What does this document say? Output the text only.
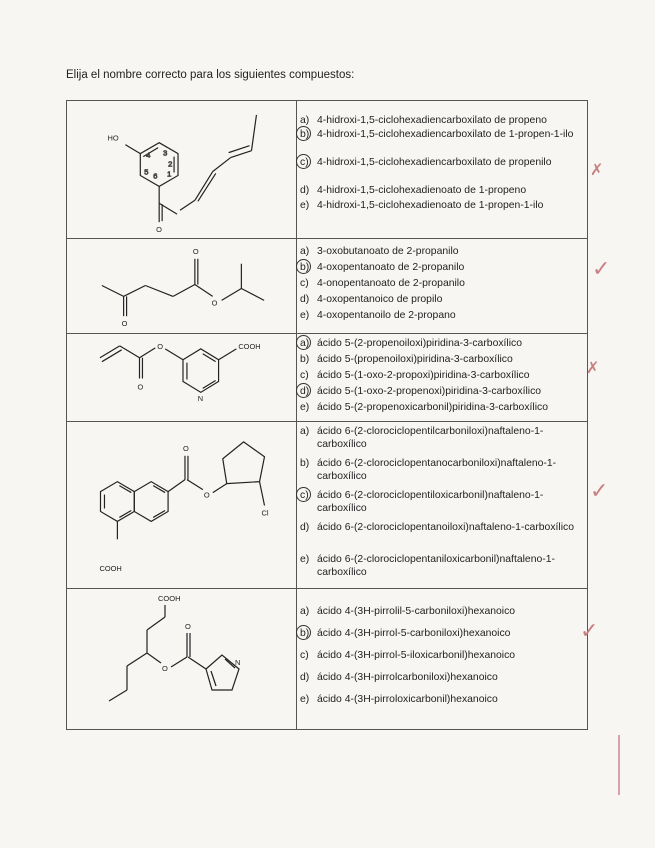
Elija el nombre correcto para los siguientes compuestos:
HO
O
4 3
2
5 6 1
a) 4-hidroxi-1,5-ciclohexadiencarboxilato de propeno
b) 4-hidroxi-1,5-ciclohexadiencarboxilato de 1-propen-1-ilo
c) 4-hidroxi-1,5-ciclohexadiencarboxilato de propenilo
d) 4-hidroxi-1,5-ciclohexadienoato de 1-propeno
e) 4-hidroxi-1,5-ciclohexadienoato de 1-propen-1-ilo
O
O
O
a) 3-oxobutanoato de 2-propanilo
b) 4-oxopentanoato de 2-propanilo
c) 4-onopentanoato de 2-propanilo
d) 4-oxopentanoico de propilo
e) 4-oxopentanoilo de 2-propano
O
O
N
COOH	a) ácido 5-(2-propenoiloxi)piridina-3-carboxílico
b) ácido 5-(propenoiloxi)piridina-3-carboxílico
c) ácido 5-(1-oxo-2-propoxi)piridina-3-carboxílico
d) ácido 5-(1-oxo-2-propenoxi)piridina-3-carboxílico
e) ácido 5-(2-propenoxicarbonil)piridina-3-carboxílico
COOH
O
O
Cl
a) ácido 6-(2-clorociclopentilcarboniloxi)naftaleno-1-carboxílico
b) ácido 6-(2-clorociclopentanocarboniloxi)naftaleno-1-carboxílico
c) ácido 6-(2-clorociclopentiloxicarbonil)naftaleno-1-carboxílico
d) ácido 6-(2-clorociclopentanoiloxi)naftaleno-1-carboxílico
e) ácido 6-(2-clorociclopentaniloxicarbonil)naftaleno-1-carboxílico
COOH
O
O
N
a) ácido 4-(3H-pirrolil-5-carboniloxi)hexanoico
b) ácido 4-(3H-pirrol-5-carboniloxi)hexanoico
c) ácido 4-(3H-pirrol-5-iloxicarbonil)hexanoico
d) ácido 4-(3H-pirrolcarboniloxi)hexanoico
e) ácido 4-(3H-pirroloxicarbonil)hexanoico
✗
✓
✗
✓
✓
